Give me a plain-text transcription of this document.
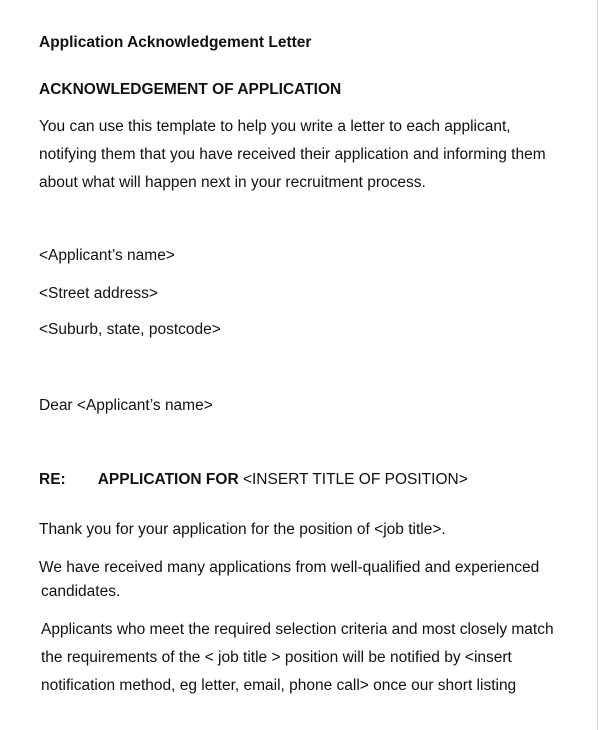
Application Acknowledgement Letter

ACKNOWLEDGEMENT OF APPLICATION

You can use this template to help you write a letter to each applicant,

notifying them that you have received their application and informing them

about what will happen next in your recruitment process.

<Applicant’s name>

<Street address>

<Suburb, state, postcode>

Dear <Applicant’s name>

RE: APPLICATION FOR <INSERT TITLE OF POSITION>

Thank you for your application for the position of <job title>.

We have received many applications from well-qualified and experienced

candidates.

Applicants who meet the required selection criteria and most closely match

the requirements of the < job title > position will be notified by <insert

notification method, eg letter, email, phone call> once our short listing
